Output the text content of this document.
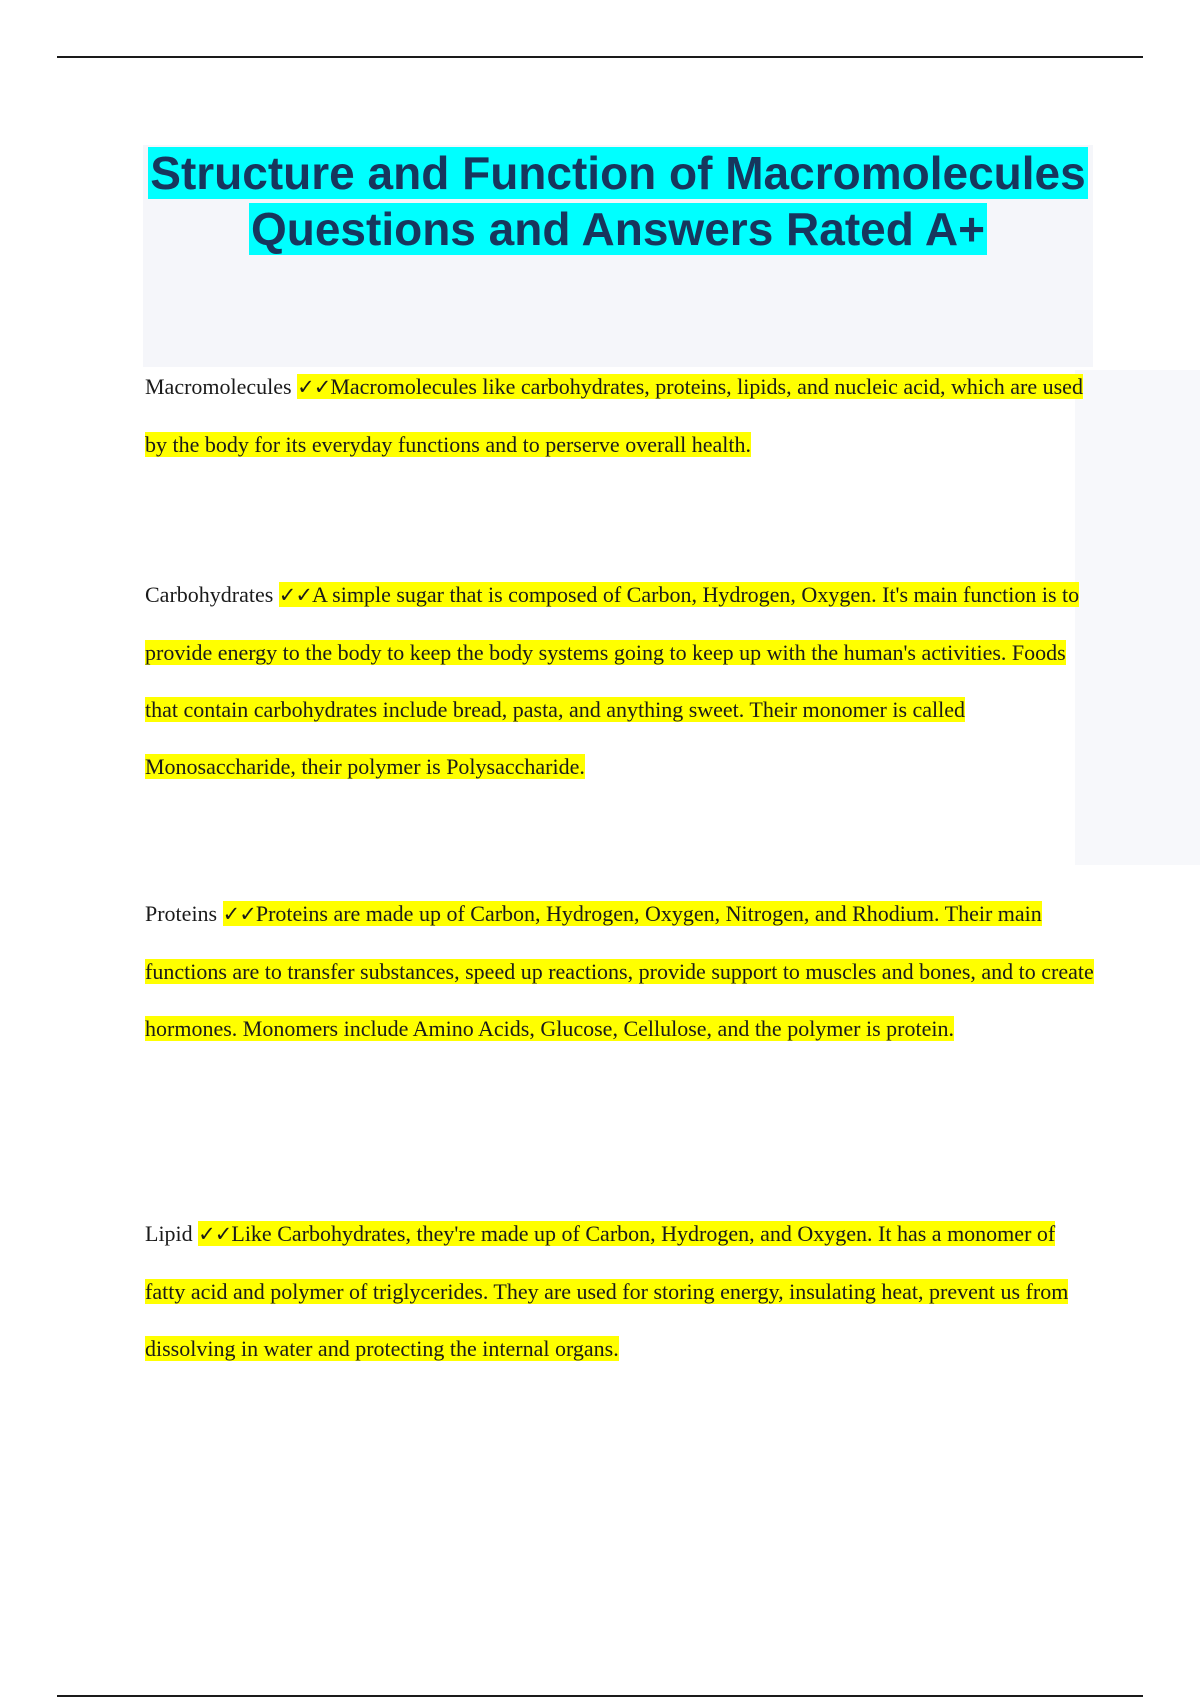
Structure and Function of Macromolecules Questions and Answers Rated A+

Macromolecules ✓✓Macromolecules like carbohydrates, proteins, lipids, and nucleic acid, which are used by the body for its everyday functions and to perserve overall health.

Carbohydrates ✓✓A simple sugar that is composed of Carbon, Hydrogen, Oxygen. It's main function is to provide energy to the body to keep the body systems going to keep up with the human's activities. Foods that contain carbohydrates include bread, pasta, and anything sweet. Their monomer is called Monosaccharide, their polymer is Polysaccharide.

Proteins ✓✓Proteins are made up of Carbon, Hydrogen, Oxygen, Nitrogen, and Rhodium. Their main functions are to transfer substances, speed up reactions, provide support to muscles and bones, and to create hormones. Monomers include Amino Acids, Glucose, Cellulose, and the polymer is protein.

Lipid ✓✓Like Carbohydrates, they're made up of Carbon, Hydrogen, and Oxygen. It has a monomer of fatty acid and polymer of triglycerides. They are used for storing energy, insulating heat, prevent us from dissolving in water and protecting the internal organs.
